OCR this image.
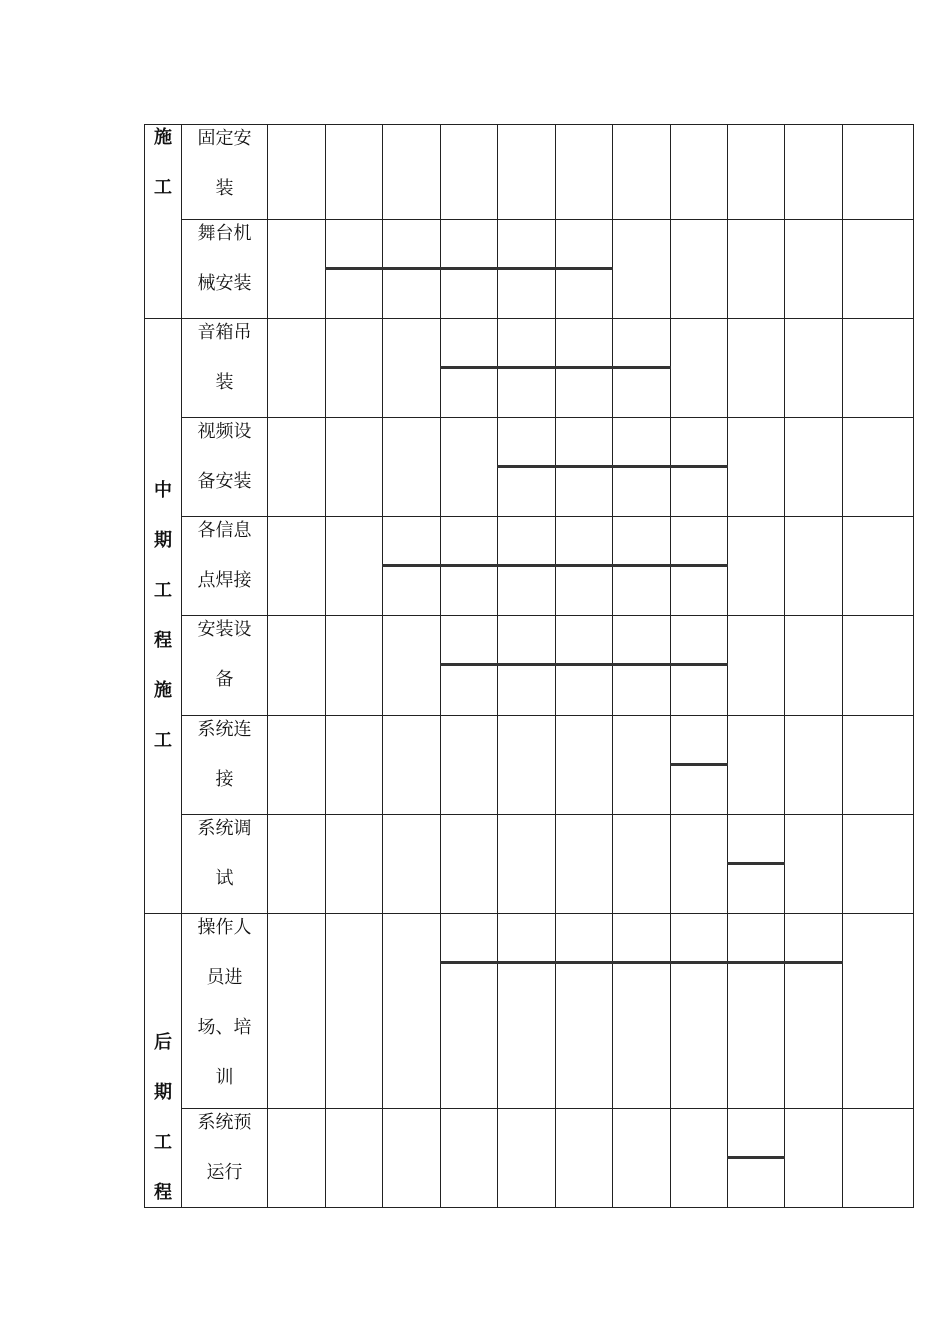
施
工
中
期
工
程
施
工
后
期
工
程
固定安
装
舞台机
械安装
音箱吊
装
视频设
备安装
各信息
点焊接
安装设
备
系统连
接
系统调
试
操作人
员进
场、培
训
系统预
运行
